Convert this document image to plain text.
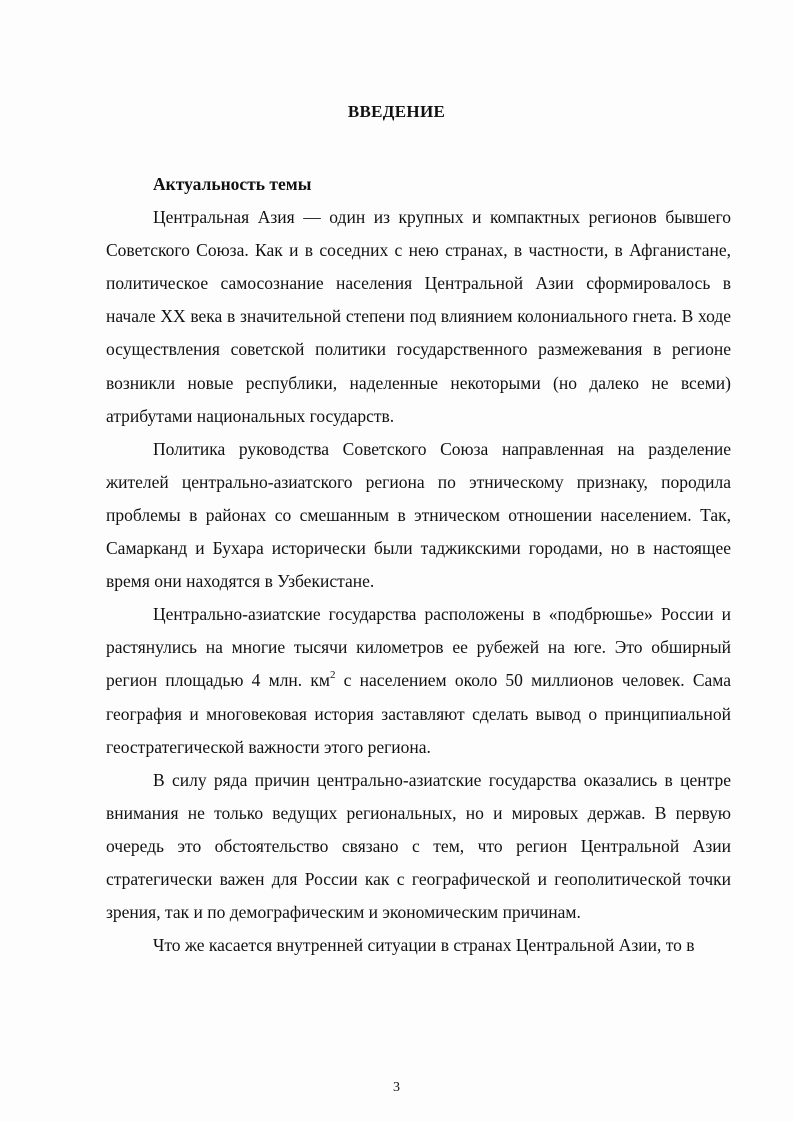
ВВЕДЕНИЕ

Актуальность темы

Центральная Азия — один из крупных и компактных регионов бывшего Советского Союза. Как и в соседних с нею странах, в частности, в Афганистане, политическое самосознание населения Центральной Азии сформировалось в начале XX века в значительной степени под влиянием колониального гнета. В ходе осуществления советской политики государственного размежевания в регионе возникли новые республики, наделенные некоторыми (но далеко не всеми) атрибутами национальных государств.

Политика руководства Советского Союза направленная на разделение жителей центрально-азиатского региона по этническому признаку, породила проблемы в районах со смешанным в этническом отношении населением. Так, Самарканд и Бухара исторически были таджикскими городами, но в настоящее время они находятся в Узбекистане.

Центрально-азиатские государства расположены в «подбрюшье» России и растянулись на многие тысячи километров ее рубежей на юге. Это обширный регион площадью 4 млн. $км^2$ с населением около 50 миллионов человек. Сама география и многовековая история заставляют сделать вывод о принципиальной геостратегической важности этого региона.

В силу ряда причин центрально-азиатские государства оказались в центре внимания не только ведущих региональных, но и мировых держав. В первую очередь это обстоятельство связано с тем, что регион Центральной Азии стратегически важен для России как с географической и геополитической точки зрения, так и по демографическим и экономическим причинам.

Что же касается внутренней ситуации в странах Центральной Азии, то в

3
